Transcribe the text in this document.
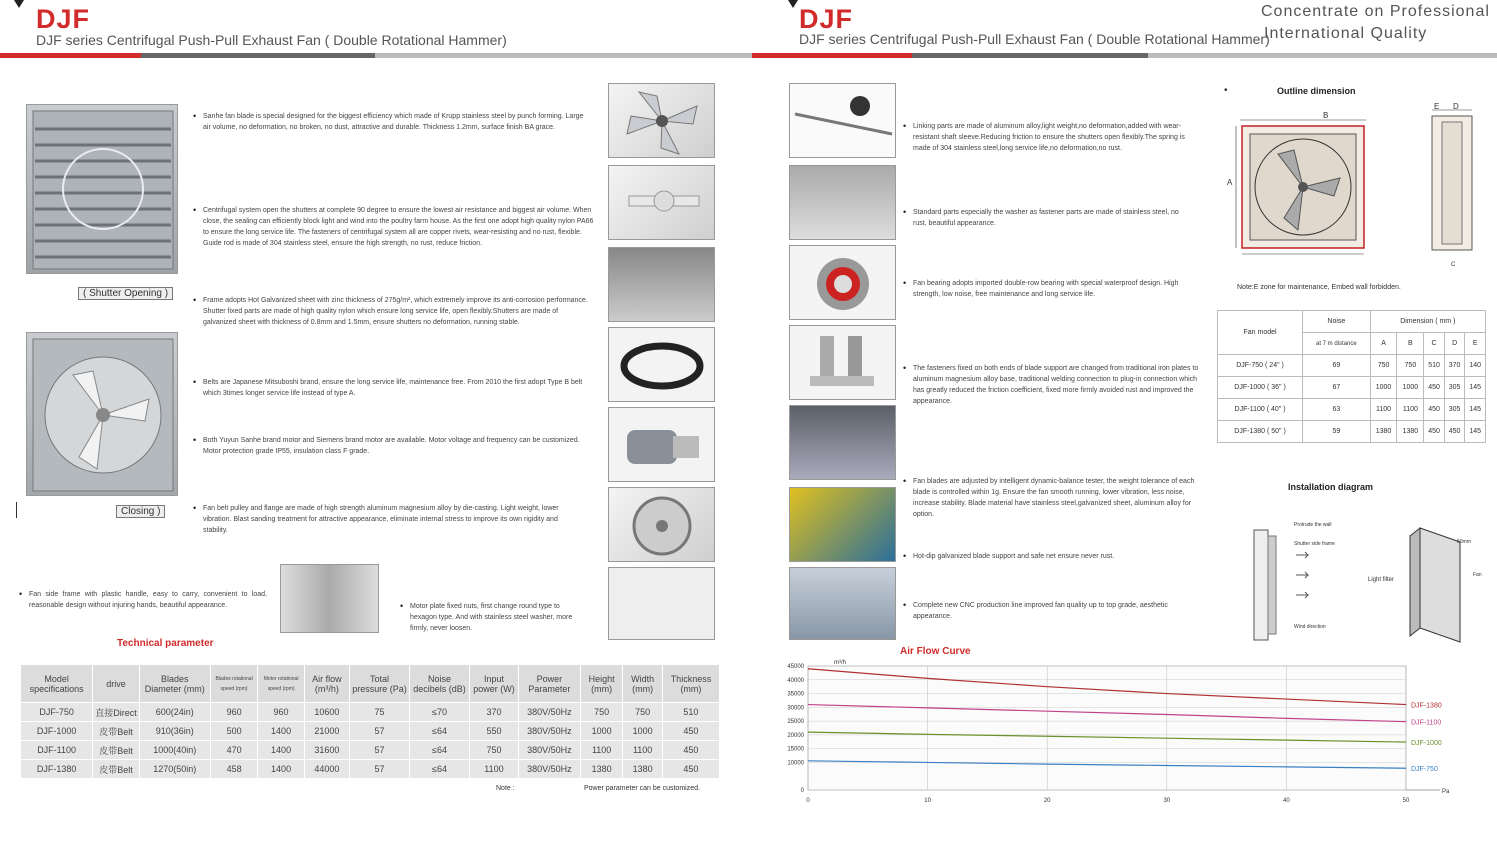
DJF
DJF series Centrifugal Push-Pull Exhaust Fan ( Double Rotational Hammer)
( Shutter Opening )
Closing )
• Sanhe fan blade is special designed for the biggest efficiency which made of Krupp stainless steel by punch forming. Large air volume, no deformation, no broken, no dust, attractive and durable. Thickness 1.2mm, surface finish BA grace.
• Centrifugal system open the shutters at complete 90 degree to ensure the lowest air resistance and biggest air volume. When close, the sealing can efficiently block light and wind into the poultry farm house. As the first one adopt high quality nylon PA66 to ensure the long service life. The fasteners of centrifugal system all are copper rivets, wear-resisting and no rust, flexible. Guide rod is made of 304 stainless steel, ensure the high strength, no rust, reduce friction.
• Frame adopts Hot Galvanized sheet with zinc thickness of 275g/m², which extremely improve its anti-corrosion performance. Shutter fixed parts are made of high quality nylon which ensure long service life, open flexibly.Shutters are made of galvanized sheet with thickness of 0.8mm and 1.5mm, ensure shutters no deformation, running stable.
• Belts are Japanese Mitsuboshi brand, ensure the long service life, maintenance free. From 2010 the first adopt Type B belt which 3times longer service life instead of type A.
• Both Yuyun Sanhe brand motor and Siemens brand motor are available. Motor voltage and frequency can be customized. Motor protection grade IP55, insulation class F grade.
• Fan belt pulley and flange are made of high strength aluminum magnesium alloy by die-casting. Light weight, lower vibration. Blast sanding treatment for attractive appearance, eliminate internal stress to improve its own rigidity and stability.
• Fan side frame with plastic handle, easy to carry, convenient to load, reasonable design without injuring hands, beautiful appearance.	• Motor plate fixed nuts, first change round type to hexagon type. And with stainless steel washer, more firmly, never loosen.
Technical parameter
Model specifications	drive	Blades Diameter (mm)	Blades rotational speed (rpm)	Motor rotational speed (rpm)	Air flow (m³/h)	Total pressure (Pa)	Noise decibels (dB)	Input power (W)	Power Parameter	Height (mm)	Width (mm)	Thickness (mm)
DJF-750	直接Direct	600(24in)	960	960	10600	75	≤70	370	380V/50Hz	750	750	510
DJF-1000	皮带Belt	910(36in)	500	1400	21000	57	≤64	550	380V/50Hz	1000	1000	450
DJF-1100	皮带Belt	1000(40in)	470	1400	31600	57	≤64	750	380V/50Hz	1100	1100	450
DJF-1380	皮带Belt	1270(50in)	458	1400	44000	57	≤64	1100	380V/50Hz	1380	1380	450
Note :	Power parameter can be customized.
DJF
DJF series Centrifugal Push-Pull Exhaust Fan ( Double Rotational Hammer)
Concentrate on Professional
International Quality
• Linking parts are made of aluminum alloy,light weight,no deformation,added with wear-resistant shaft sleeve.Reducing friction to ensure the shutters open flexibly.The spring is made of 304 stainless steel,long service life,no deformation,no rust.
• Standard parts especially the washer as fastener parts are made of stainless steel, no rust, beautiful appearance.
• Fan bearing adopts imported double-row bearing with special waterproof design. High strength, low noise, free maintenance and long service life.
• The fasteners fixed on both ends of blade support are changed from traditional iron plates to aluminum magnesium alloy base, traditional welding connection to plug-in connection which has greatly reduced the friction coefficient, fixed more firmly avoided rust and improved the appearance.
• Fan blades are adjusted by intelligent dynamic-balance tester, the weight tolerance of each blade is controlled within 1g. Ensure the fan smooth running, lower vibration, less noise, increase stability. Blade material have stainless steel,galvanized sheet, aluminum alloy for option.
• Hot-dip galvanized blade support and safe net ensure never rust.
• Complete new CNC production line improved fan quality up to top grade, aesthetic appearance.
•	Outline dimension
A
B
C
E D
Note:E zone for maintenance, Embed wall forbidden.
Fan model	Noise	Dimension ( mm )				
	at 7 m distance	A	B	C	D	E
DJF-750 ( 24" )	69	750	750	510	370	140
DJF-1000 ( 36" )	67	1000	1000	450	305	145
DJF-1100 ( 40" )	63	1100	1100	450	305	145
DJF-1380 ( 50" )	59	1380	1380	450	450	145
Installation diagram
Protrude the wall
Shutter side frame
Wind direction
Light filter
50mm
Fan
Air Flow Curve
0	10	20	30	40	50
0
10000
15000
20000
25000
30000
35000
40000
45000
m³/h
Pa
DJF-1380
DJF-1100
DJF-1000
DJF-750
